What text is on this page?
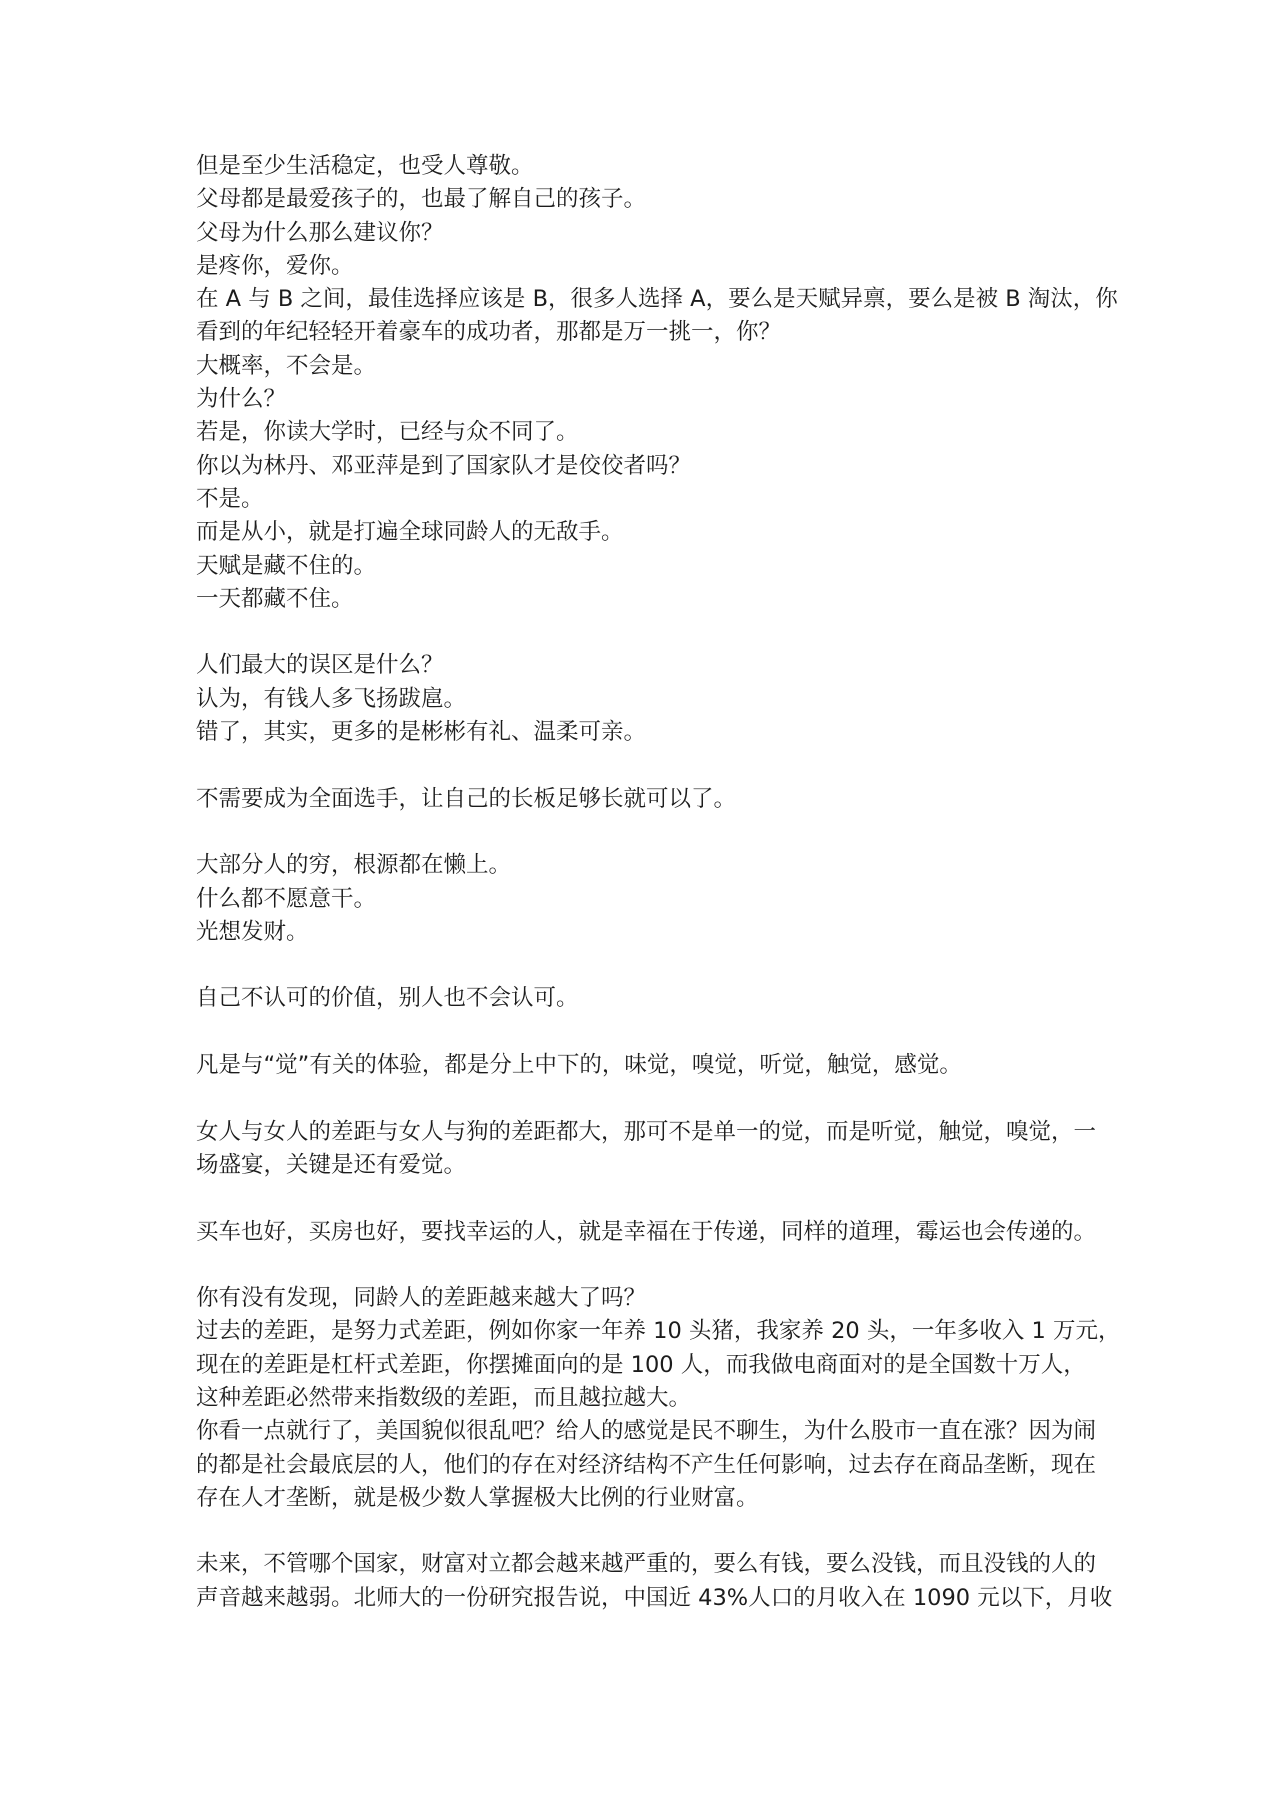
但是至少生活稳定，也受人尊敬。
父母都是最爱孩子的，也最了解自己的孩子。
父母为什么那么建议你？
是疼你，爱你。
在 A 与 B 之间，最佳选择应该是 B，很多人选择 A，要么是天赋异禀，要么是被 B 淘汰，你
看到的年纪轻轻开着豪车的成功者，那都是万一挑一，你？
大概率，不会是。
为什么？
若是，你读大学时，已经与众不同了。
你以为林丹、邓亚萍是到了国家队才是佼佼者吗？
不是。
而是从小，就是打遍全球同龄人的无敌手。
天赋是藏不住的。
一天都藏不住。
人们最大的误区是什么？
认为，有钱人多飞扬跋扈。
错了，其实，更多的是彬彬有礼、温柔可亲。
不需要成为全面选手，让自己的长板足够长就可以了。
大部分人的穷，根源都在懒上。
什么都不愿意干。
光想发财。
自己不认可的价值，别人也不会认可。
凡是与“觉”有关的体验，都是分上中下的，味觉，嗅觉，听觉，触觉，感觉。
女人与女人的差距与女人与狗的差距都大，那可不是单一的觉，而是听觉，触觉，嗅觉，一
场盛宴，关键是还有爱觉。
买车也好，买房也好，要找幸运的人，就是幸福在于传递，同样的道理，霉运也会传递的。
你有没有发现，同龄人的差距越来越大了吗？
过去的差距，是努力式差距，例如你家一年养 10 头猪，我家养 20 头，一年多收入 1 万元，
现在的差距是杠杆式差距，你摆摊面向的是 100 人，而我做电商面对的是全国数十万人，
这种差距必然带来指数级的差距，而且越拉越大。
你看一点就行了，美国貌似很乱吧？给人的感觉是民不聊生，为什么股市一直在涨？因为闹
的都是社会最底层的人，他们的存在对经济结构不产生任何影响，过去存在商品垄断，现在
存在人才垄断，就是极少数人掌握极大比例的行业财富。
未来，不管哪个国家，财富对立都会越来越严重的，要么有钱，要么没钱，而且没钱的人的
声音越来越弱。北师大的一份研究报告说，中国近 43%人口的月收入在 1090 元以下，月收
